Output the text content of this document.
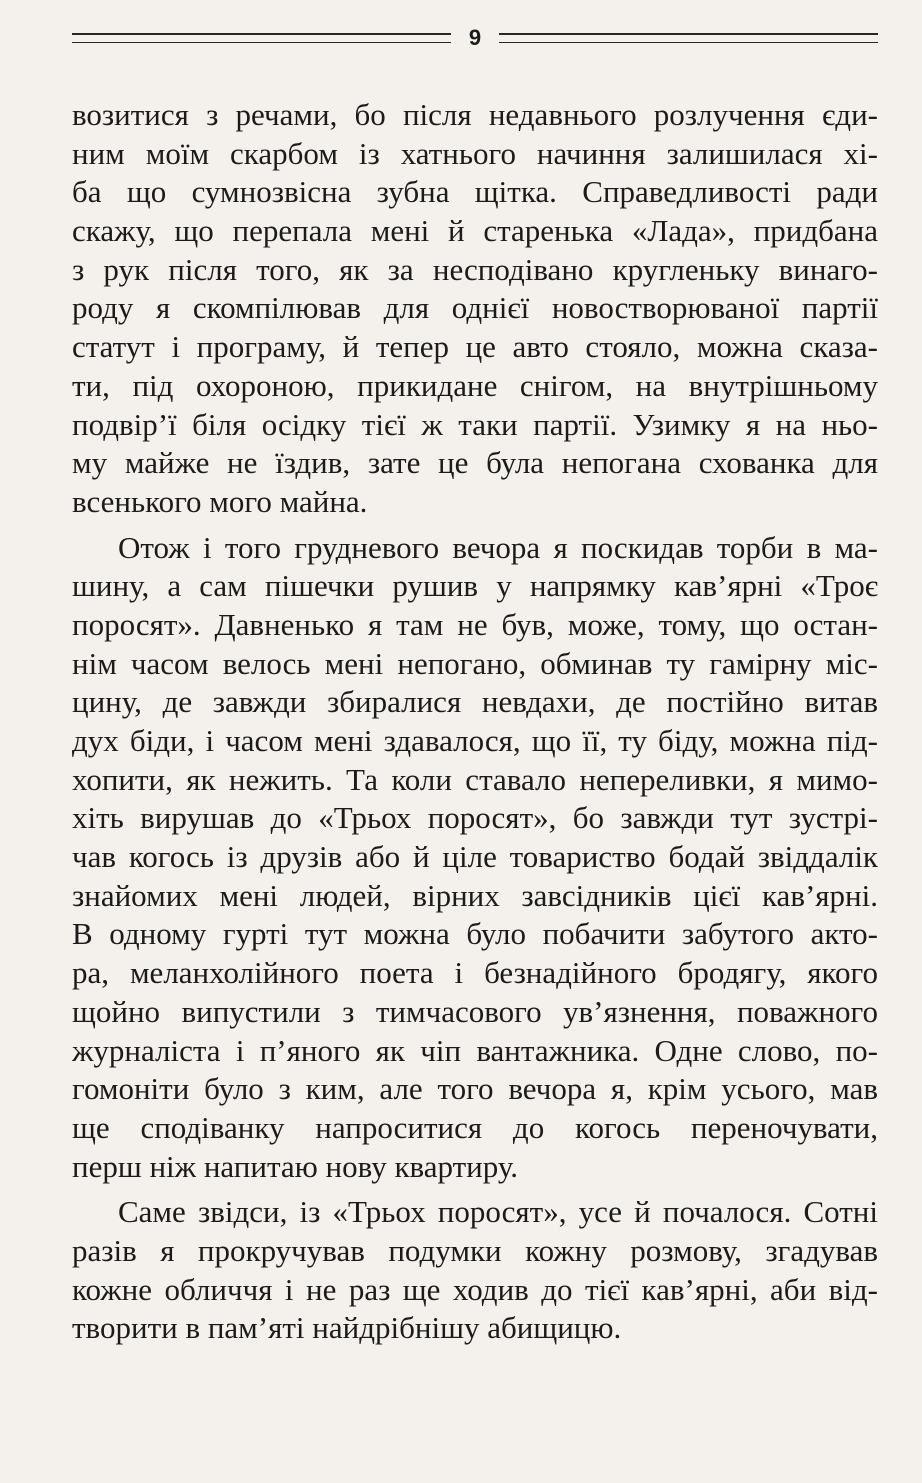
9

возитися з речами, бо після недавнього розлучення єди-
ним моїм скарбом із хатнього начиння залишилася хі-
ба що сумнозвісна зубна щітка. Справедливості ради
скажу, що перепала мені й старенька «Лада», придбана
з рук після того, як за несподівано кругленьку винаго-
роду я скомпілював для однієї новостворюваної партії
статут і програму, й тепер це авто стояло, можна сказа-
ти, під охороною, прикидане снігом, на внутрішньому
подвір’ї біля осідку тієї ж таки партії. Узимку я на ньо-
му майже не їздив, зате це була непогана схованка для
всенького мого майна.

Отож і того грудневого вечора я поскидав торби в ма-
шину, а сам пішечки рушив у напрямку кав’ярні «Троє
поросят». Давненько я там не був, може, тому, що остан-
нім часом велось мені непогано, обминав ту гамірну міс-
цину, де завжди збиралися невдахи, де постійно витав
дух біди, і часом мені здавалося, що її, ту біду, можна під-
хопити, як нежить. Та коли ставало непереливки, я мимо-
хіть вирушав до «Трьох поросят», бо завжди тут зустрі-
чав когось із друзів або й ціле товариство бодай звіддалік
знайомих мені людей, вірних завсідників цієї кав’ярні.
В одному гурті тут можна було побачити забутого акто-
ра, меланхолійного поета і безнадійного бродягу, якого
щойно випустили з тимчасового ув’язнення, поважного
журналіста і п’яного як чіп вантажника. Одне слово, по-
гомоніти було з ким, але того вечора я, крім усього, мав
ще сподіванку напроситися до когось переночувати,
перш ніж напитаю нову квартиру.

Саме звідси, із «Трьох поросят», усе й почалося. Сотні
разів я прокручував подумки кожну розмову, згадував
кожне обличчя і не раз ще ходив до тієї кав’ярні, аби від-
творити в пам’яті найдрібнішу абищицю.
